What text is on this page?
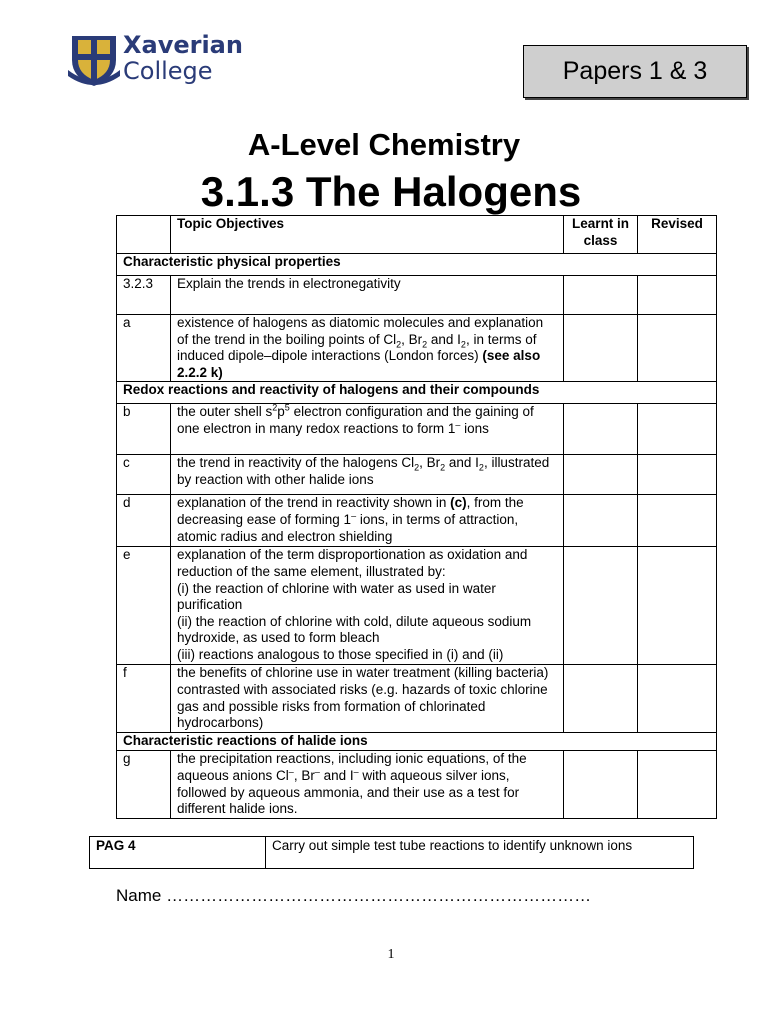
Xaverian
College	Papers 1 & 3
A-Level Chemistry
3.1.3 The Halogens
	Topic Objectives	Learnt in class	Revised
Characteristic physical properties			
3.2.3	Explain the trends in electronegativity		
a	existence of halogens as diatomic molecules and explanation of the trend in the boiling points of $Cl_2$, $Br_2$ and $I_2$, in terms of induced dipole–dipole interactions (London forces) (see also 2.2.2 k)		
Redox reactions and reactivity of halogens and their compounds			
b	the outer shell $s^2p^5$ electron configuration and the gaining of one electron in many redox reactions to form 1– ions		
c	the trend in reactivity of the halogens $Cl_2$, $Br_2$ and $I_2$, illustrated by reaction with other halide ions		
d	explanation of the trend in reactivity shown in (c), from the decreasing ease of forming 1– ions, in terms of attraction, atomic radius and electron shielding		
e	explanation of the term disproportionation as oxidation and reduction of the same element, illustrated by:
(i) the reaction of chlorine with water as used in water purification
(ii) the reaction of chlorine with cold, dilute aqueous sodium hydroxide, as used to form bleach
(iii) reactions analogous to those specified in (i) and (ii)		

f	the benefits of chlorine use in water treatment (killing bacteria) contrasted with associated risks (e.g. hazards of toxic chlorine gas and possible risks from formation of chlorinated hydrocarbons)		
Characteristic reactions of halide ions			
g	the precipitation reactions, including ionic equations, of the aqueous anions Cl–, Br– and I– with aqueous silver ions, followed by aqueous ammonia, and their use as a test for different halide ions.		
PAG 4	Carry out simple test tube reactions to identify unknown ions
Name …………………………………………………………………
1
